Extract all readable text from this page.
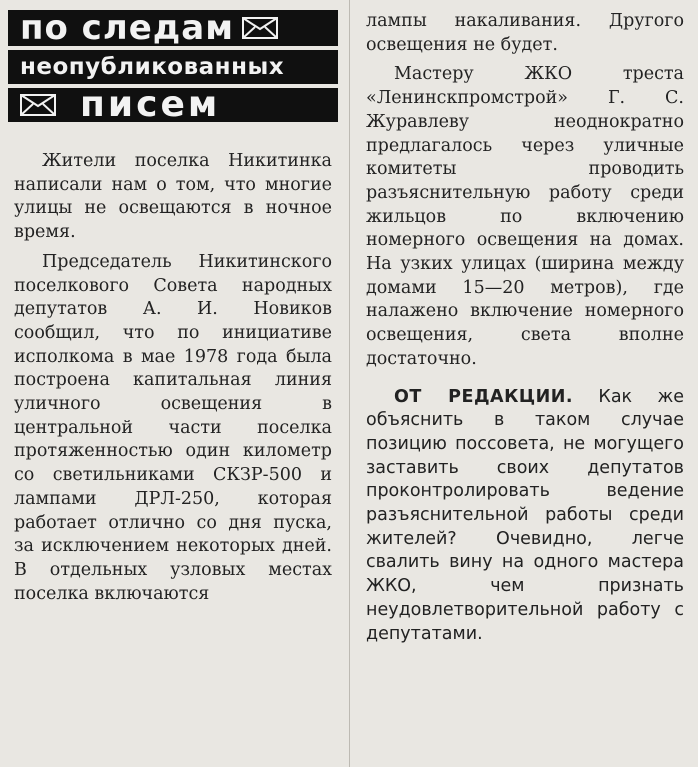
по следам
неопубликованных
писем

Жители поселка Никитинка написали нам о том, что многие улицы не освещаются в ночное время.

Председатель Никитинского поселкового Совета народных депутатов А. И. Новиков сообщил, что по инициативе исполкома в мае 1978 года была построена капитальная линия уличного освещения в центральной части поселка протяженностью один километр со светильниками СКЗР-500 и лампами ДРЛ-250, которая работает отлично со дня пуска, за исключением некоторых дней. В отдельных узловых местах поселка включаются

лампы накаливания. Другого освещения не будет.

Мастеру ЖКО треста «Ленинскпромстрой» Г. С. Журавлеву неоднократно предлагалось через уличные комитеты проводить разъяснительную работу среди жильцов по включению номерного освещения на домах. На узких улицах (ширина между домами 15—20 метров), где налажено включение номерного освещения, света вполне достаточно.

ОТ РЕДАКЦИИ. Как же объяснить в таком случае позицию поссовета, не могущего заставить своих депутатов проконтролировать ведение разъяснительной работы среди жителей? Очевидно, легче свалить вину на одного мастера ЖКО, чем признать неудовлетворительной работу с депутатами.
